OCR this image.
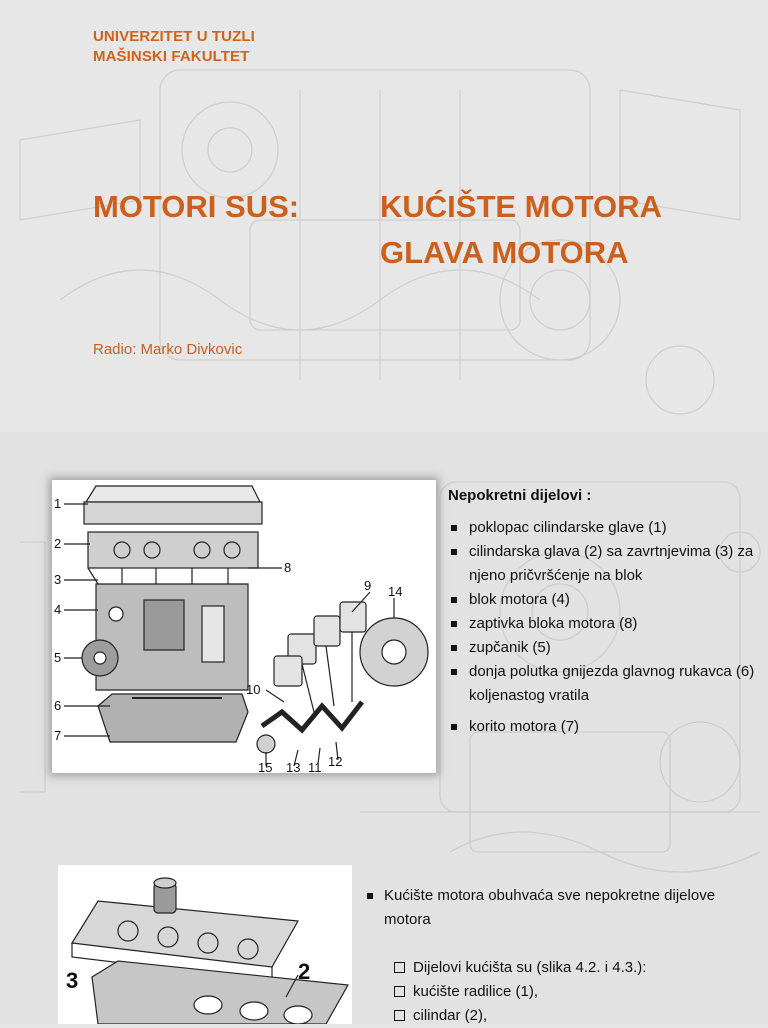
UNIVERZITET U TUZLI
MAŠINSKI FAKULTET
MOTORI SUS:	KUĆIŠTE MOTORA
GLAVA MOTORA
Radio: Marko Divkovic
1
2
3
4
5
6
7
8
9 14
10
15 13 11 12
Nepokretni dijelovi :
poklopac cilindarske glave (1)
cilindarska glava (2) sa zavrtnjevima (3) za njeno pričvršćenje na blok
blok motora (4)
zaptivka bloka motora (8)
zupčanik (5)
donja polutka gnijezda glavnog rukavca (6) koljenastog vratila
korito motora (7)
3	2
Kućište motora obuhvaća sve nepokretne dijelove motora
Dijelovi kućišta su (slika 4.2. i 4.3.):
kućište radilice (1),
cilindar (2),
